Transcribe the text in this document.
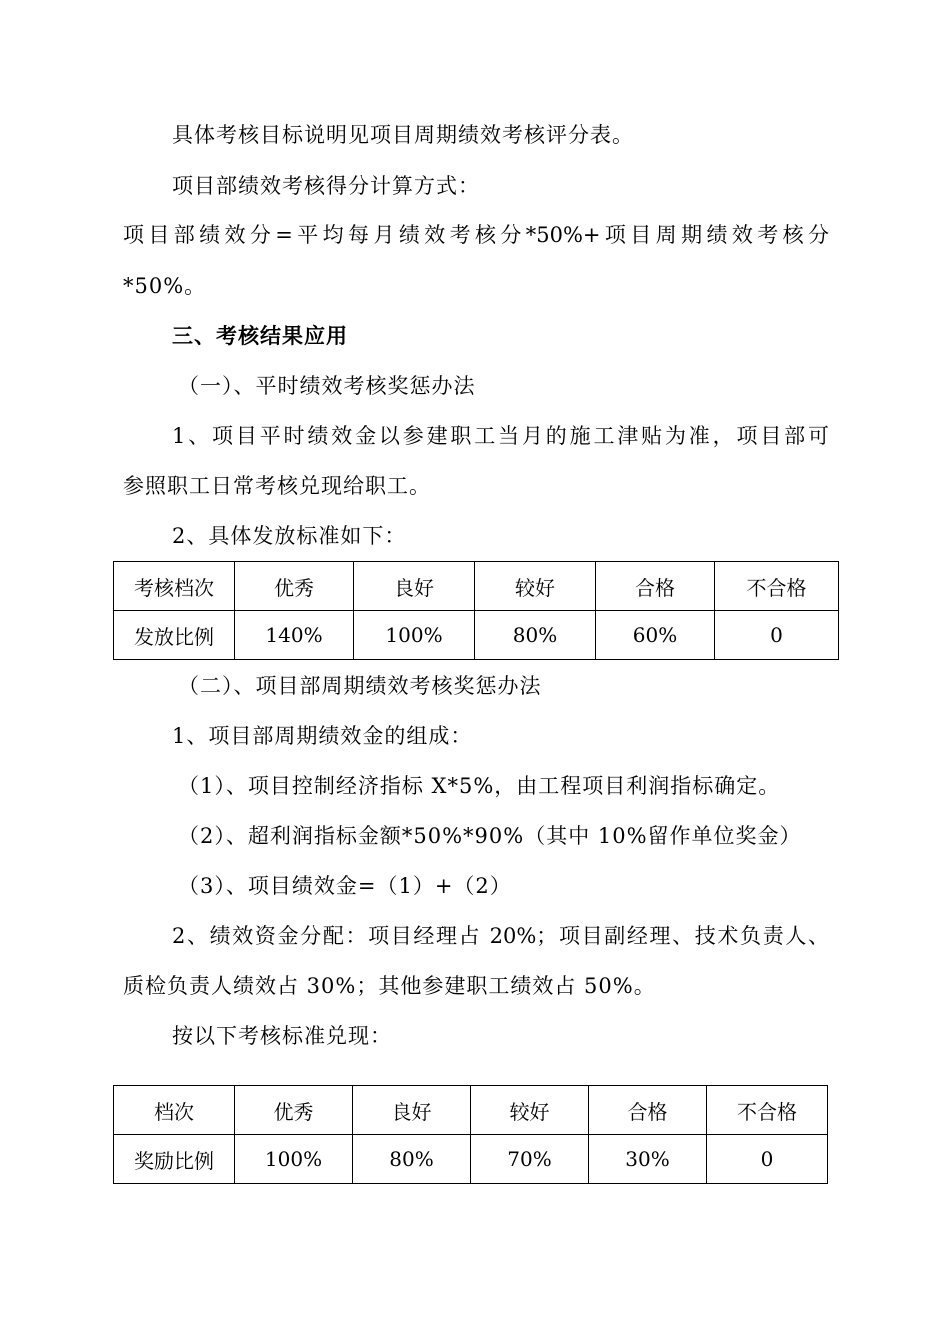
具体考核目标说明见项目周期绩效考核评分表。
项目部绩效考核得分计算方式：
项目部绩效分=平均每月绩效考核分*50%+项目周期绩效考核分
*50%。
三、考核结果应用
（一）、平时绩效考核奖惩办法
1、项目平时绩效金以参建职工当月的施工津贴为准，项目部可
参照职工日常考核兑现给职工。
2、具体发放标准如下：
考核档次	优秀	良好	较好	合格	不合格
发放比例	140%	100%	80%	60%	0
（二）、项目部周期绩效考核奖惩办法
1、项目部周期绩效金的组成：
（1）、项目控制经济指标 X*5%，由工程项目利润指标确定。
（2）、超利润指标金额*50%*90%（其中 10%留作单位奖金）
（3）、项目绩效金=（1）+（2）
2、绩效资金分配：项目经理占 20%；项目副经理、技术负责人、
质检负责人绩效占 30%；其他参建职工绩效占 50%。
按以下考核标准兑现：
档次	优秀	良好	较好	合格	不合格
奖励比例	100%	80%	70%	30%	0
